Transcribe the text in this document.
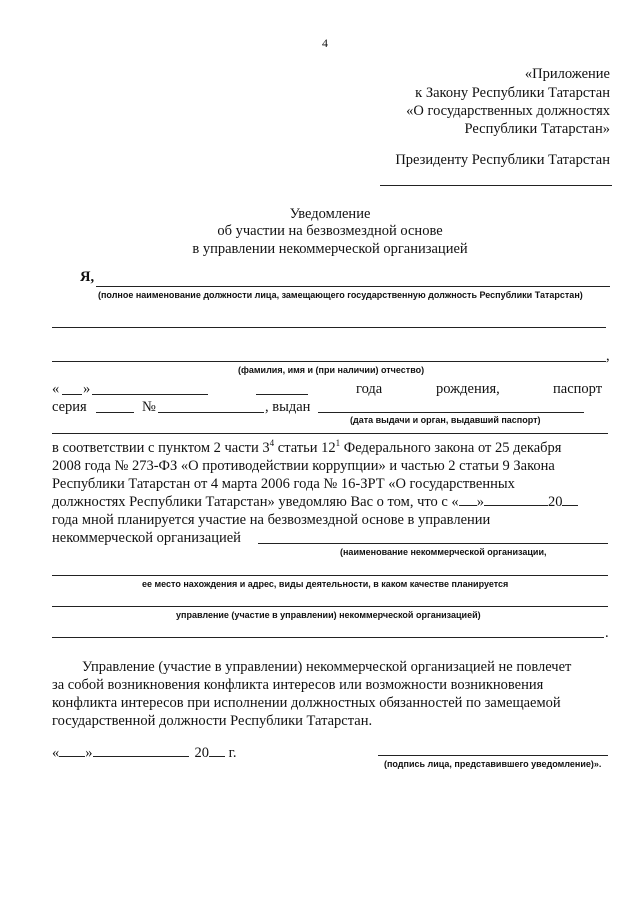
4
«Приложение
к Закону Республики Татарстан
«О государственных должностях
Республики Татарстан»
Президенту Республики Татарстан
Уведомление
об участии на безвозмездной основе
в управлении некоммерческой организацией
Я,
(полное наименование должности лица, замещающего государственную должность Республики Татарстан)
,
(фамилия, имя и (при наличии) отчество)
« »	года	рождения,	паспорт
серия	№	, выдан
(дата выдачи и орган, выдавший паспорт)
в соответствии с пунктом 2 части $3^4$ статьи $12^1$ Федерального закона от 25 декабря
2008 года № 273-ФЗ «О противодействии коррупции» и частью 2 статьи 9 Закона
Республики Татарстан от 4 марта 2006 года № 16-ЗРТ «О государственных
должностях Республики Татарстан» уведомляю Вас о том, что с « »	20
года мной планируется участие на безвозмездной основе в управлении
некоммерческой организацией
(наименование некоммерческой организации,
ее место нахождения и адрес, виды деятельности, в каком качестве планируется
управление (участие в управлении) некоммерческой организацией)
.
Управление (участие в управлении) некоммерческой организацией не повлечет
за собой возникновения конфликта интересов или возможности возникновения
конфликта интересов при исполнении должностных обязанностей по замещаемой
государственной должности Республики Татарстан.
« »	20 г.
(подпись лица, представившего уведомление)».
